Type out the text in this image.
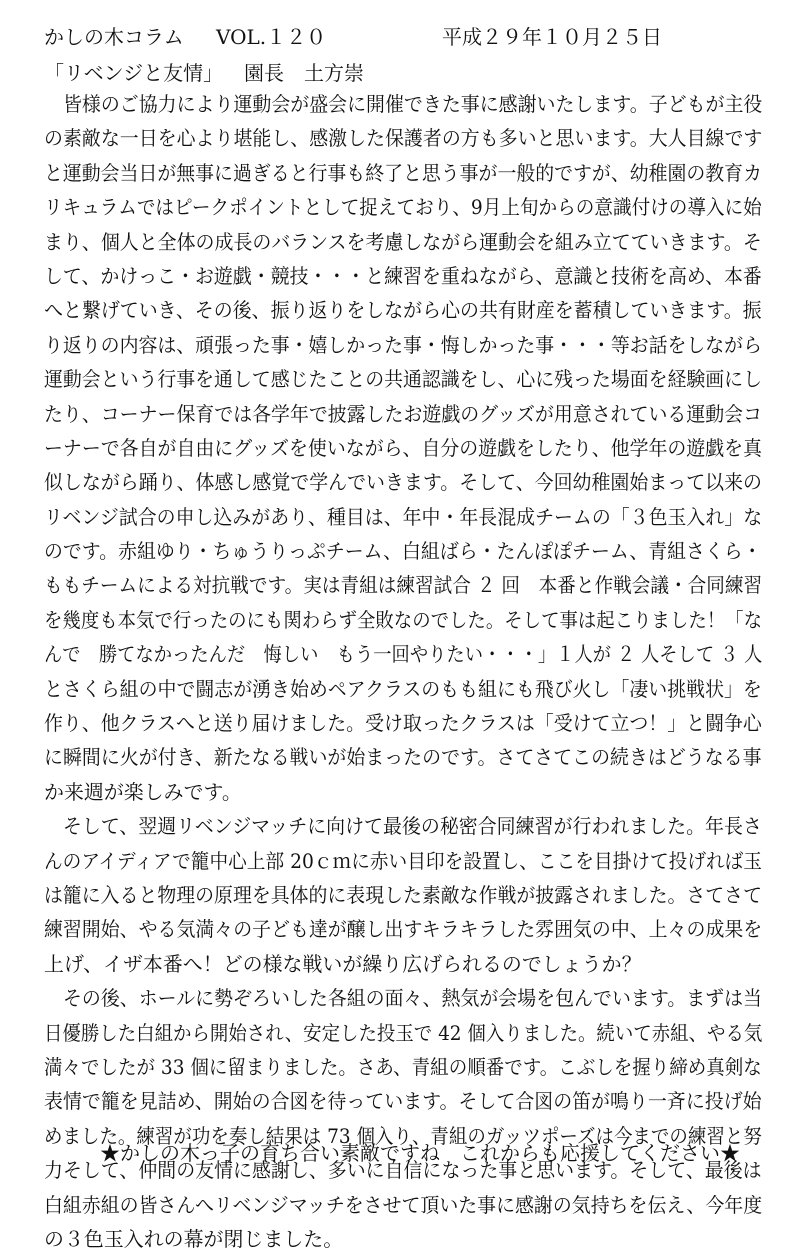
かしの木コラム VOL.１２０	平成２９年１０月２５日
「リベンジと友情」 園長　土方崇
　皆様のご協力により運動会が盛会に開催できた事に感謝いたします。子どもが主役
の素敵な一日を心より堪能し、感激した保護者の方も多いと思います。大人目線です
と運動会当日が無事に過ぎると行事も終了と思う事が一般的ですが、幼稚園の教育カ
リキュラムではピークポイントとして捉えており、9月上旬からの意識付けの導入に始
まり、個人と全体の成長のバランスを考慮しながら運動会を組み立てていきます。そ
して、かけっこ・お遊戯・競技・・・と練習を重ねながら、意識と技術を高め、本番
へと繋げていき、その後、振り返りをしながら心の共有財産を蓄積していきます。振
り返りの内容は、頑張った事・嬉しかった事・悔しかった事・・・等お話をしながら
運動会という行事を通して感じたことの共通認識をし、心に残った場面を経験画にし
たり、コーナー保育では各学年で披露したお遊戯のグッズが用意されている運動会コ
ーナーで各自が自由にグッズを使いながら、自分の遊戯をしたり、他学年の遊戯を真
似しながら踊り、体感し感覚で学んでいきます。そして、今回幼稚園始まって以来の
リベンジ試合の申し込みがあり、種目は、年中・年長混成チームの「３色玉入れ」な
のです。赤組ゆり・ちゅうりっぷチーム、白組ばら・たんぽぽチーム、青組さくら・
ももチームによる対抗戦です。実は青組は練習試合 ２ 回　本番と作戦会議・合同練習
を幾度も本気で行ったのにも関わらず全敗なのでした。そして事は起こりました！「な
んで　勝てなかったんだ　悔しい　もう一回やりたい・・・」１人が ２ 人そして ３ 人
とさくら組の中で闘志が湧き始めペアクラスのもも組にも飛び火し「凄い挑戦状」を
作り、他クラスへと送り届けました。受け取ったクラスは「受けて立つ！」と闘争心
に瞬間に火が付き、新たなる戦いが始まったのです。さてさてこの続きはどうなる事
か来週が楽しみです。
　そして、翌週リベンジマッチに向けて最後の秘密合同練習が行われました。年長さ
んのアイディアで籠中心上部 20ｃｍに赤い目印を設置し、ここを目掛けて投げれば玉
は籠に入ると物理の原理を具体的に表現した素敵な作戦が披露されました。さてさて
練習開始、やる気満々の子ども達が醸し出すキラキラした雰囲気の中、上々の成果を
上げ、イザ本番へ！どの様な戦いが繰り広げられるのでしょうか？
　その後、ホールに勢ぞろいした各組の面々、熱気が会場を包んでいます。まずは当
日優勝した白組から開始され、安定した投玉で 42 個入りました。続いて赤組、やる気
満々でしたが 33 個に留まりました。さあ、青組の順番です。こぶしを握り締め真剣な
表情で籠を見詰め、開始の合図を待っています。そして合図の笛が鳴り一斉に投げ始
めました。練習が功を奏し結果は 73 個入り、青組のガッツポーズは今までの練習と努
力そして、仲間の友情に感謝し、多いに自信になった事と思います。そして、最後は
白組赤組の皆さんへリベンジマッチをさせて頂いた事に感謝の気持ちを伝え、今年度
の３色玉入れの幕が閉じました。
★かしの木っ子の育ち合い素敵ですね　これからも応援してください★
